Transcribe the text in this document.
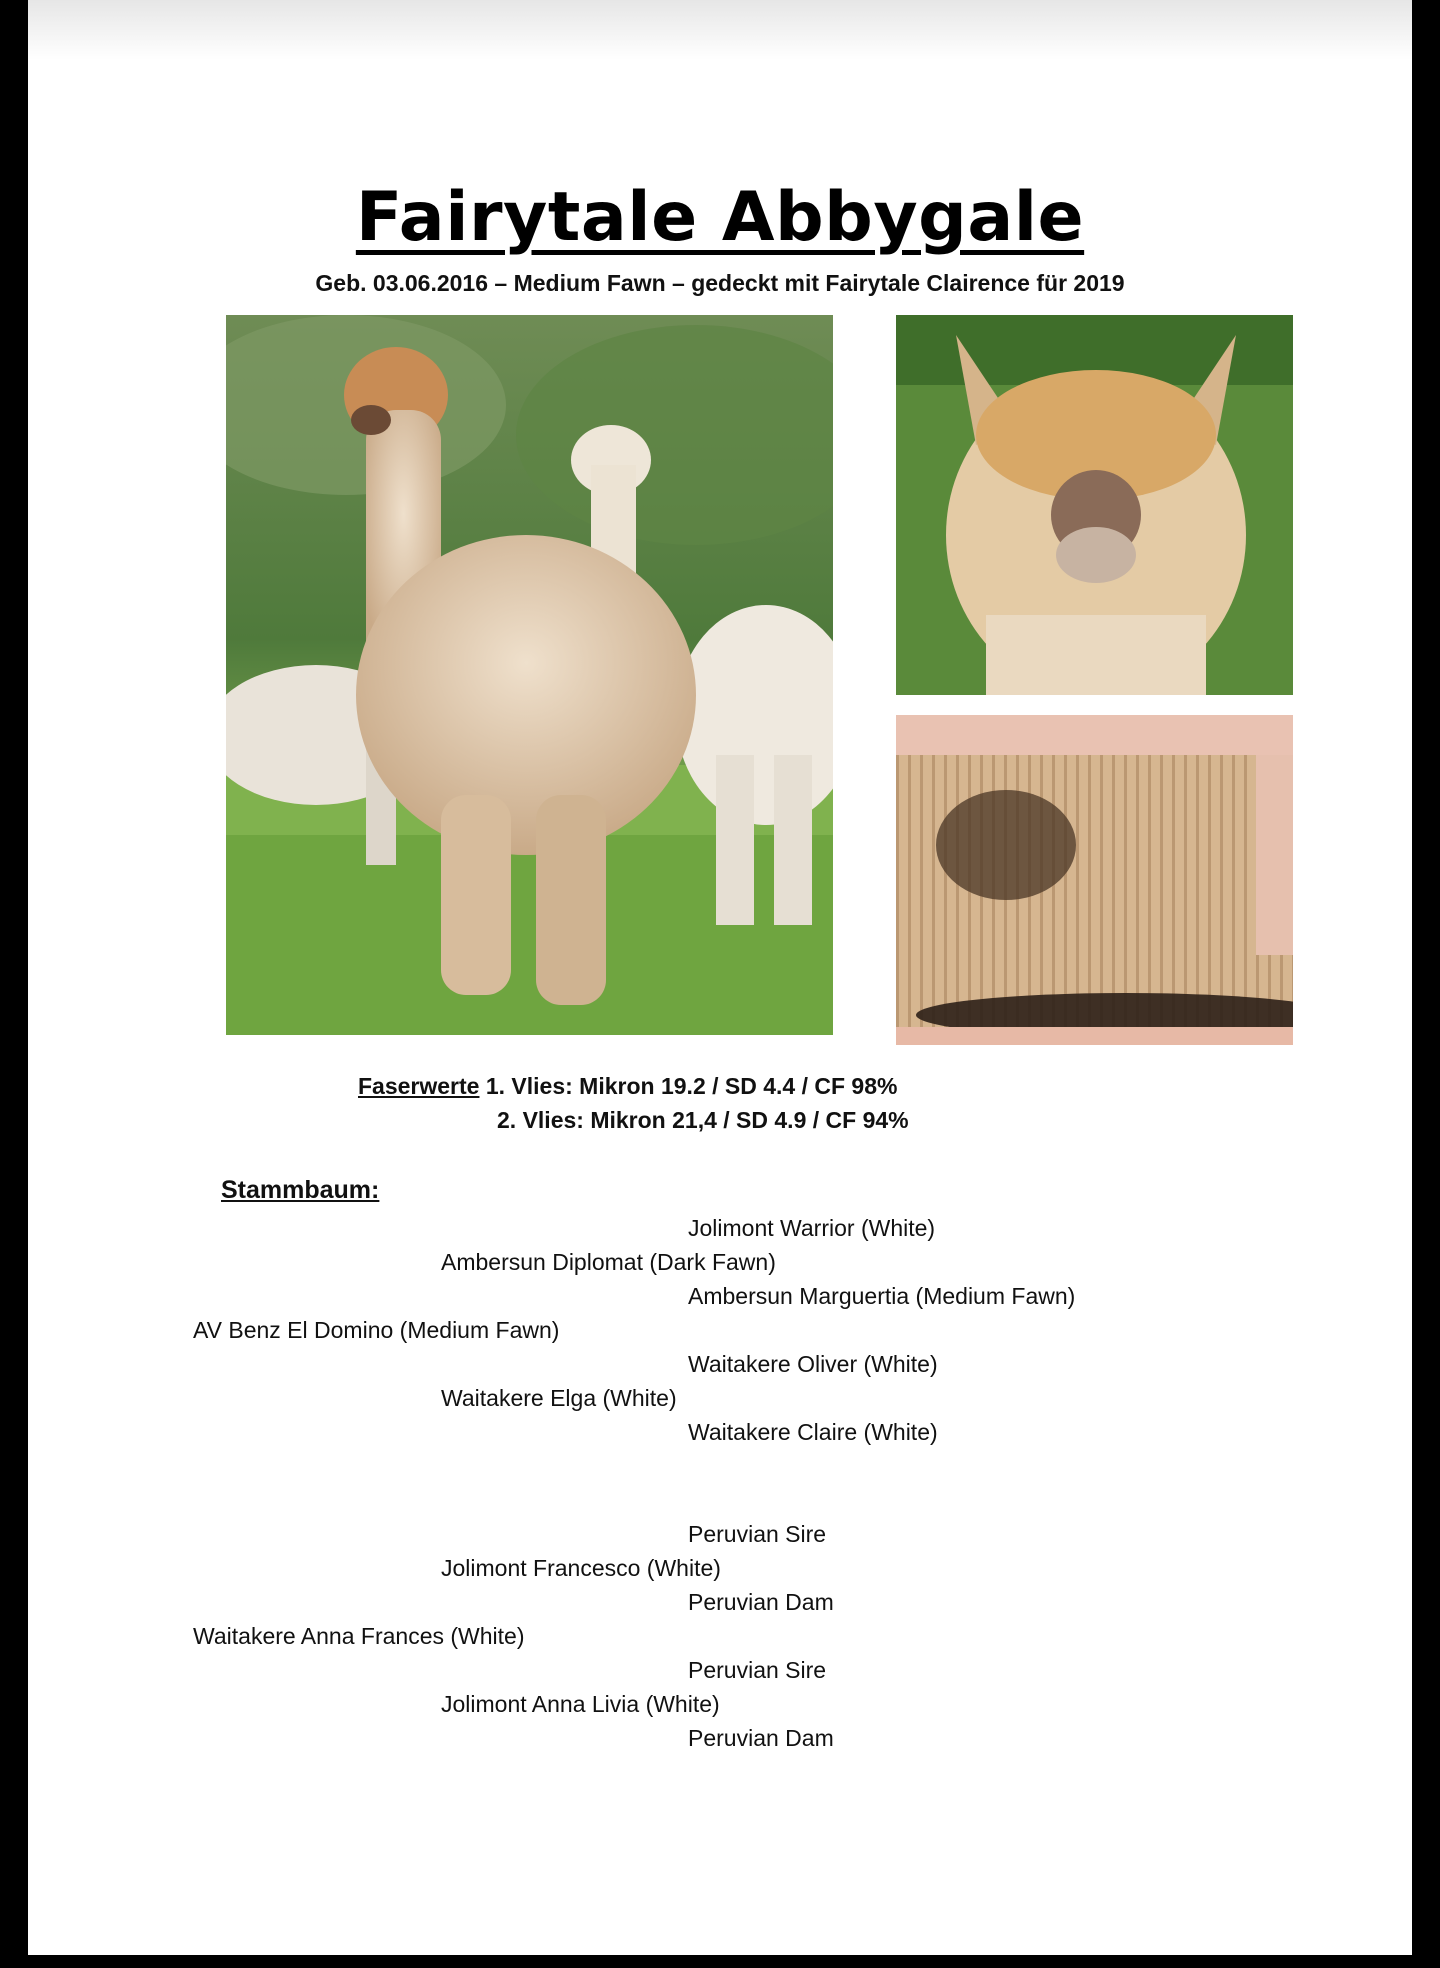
Fairytale Abbygale
Geb. 03.06.2016 – Medium Fawn – gedeckt mit Fairytale Clairence für 2019
Faserwerte 1. Vlies: Mikron 19.2 / SD 4.4 / CF 98%
2. Vlies: Mikron 21,4 / SD 4.9 / CF 94%
Stammbaum:
Jolimont Warrior (White)
Ambersun Diplomat (Dark Fawn)
Ambersun Marguertia (Medium Fawn)
AV Benz El Domino (Medium Fawn)
Waitakere Oliver (White)
Waitakere Elga (White)
Waitakere Claire (White)
Peruvian Sire
Jolimont Francesco (White)
Peruvian Dam
Waitakere Anna Frances (White)
Peruvian Sire
Jolimont Anna Livia (White)
Peruvian Dam
